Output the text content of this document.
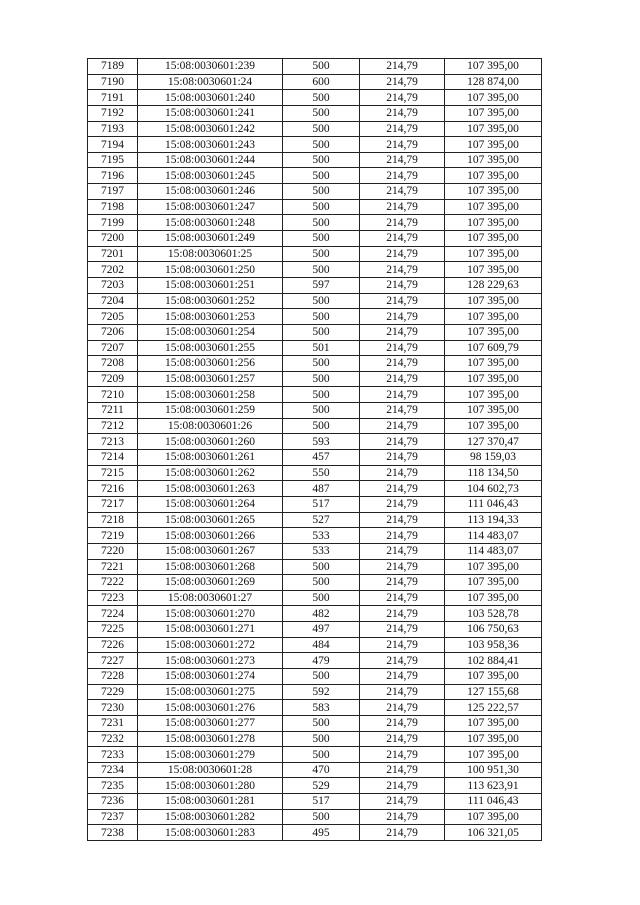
7189	15:08:0030601:239	500	214,79	107 395,00
7190	15:08:0030601:24	600	214,79	128 874,00
7191	15:08:0030601:240	500	214,79	107 395,00
7192	15:08:0030601:241	500	214,79	107 395,00
7193	15:08:0030601:242	500	214,79	107 395,00
7194	15:08:0030601:243	500	214,79	107 395,00
7195	15:08:0030601:244	500	214,79	107 395,00
7196	15:08:0030601:245	500	214,79	107 395,00
7197	15:08:0030601:246	500	214,79	107 395,00
7198	15:08:0030601:247	500	214,79	107 395,00
7199	15:08:0030601:248	500	214,79	107 395,00
7200	15:08:0030601:249	500	214,79	107 395,00
7201	15:08:0030601:25	500	214,79	107 395,00
7202	15:08:0030601:250	500	214,79	107 395,00
7203	15:08:0030601:251	597	214,79	128 229,63
7204	15:08:0030601:252	500	214,79	107 395,00
7205	15:08:0030601:253	500	214,79	107 395,00
7206	15:08:0030601:254	500	214,79	107 395,00
7207	15:08:0030601:255	501	214,79	107 609,79
7208	15:08:0030601:256	500	214,79	107 395,00
7209	15:08:0030601:257	500	214,79	107 395,00
7210	15:08:0030601:258	500	214,79	107 395,00
7211	15:08:0030601:259	500	214,79	107 395,00
7212	15:08:0030601:26	500	214,79	107 395,00
7213	15:08:0030601:260	593	214,79	127 370,47
7214	15:08:0030601:261	457	214,79	98 159,03
7215	15:08:0030601:262	550	214,79	118 134,50
7216	15:08:0030601:263	487	214,79	104 602,73
7217	15:08:0030601:264	517	214,79	111 046,43
7218	15:08:0030601:265	527	214,79	113 194,33
7219	15:08:0030601:266	533	214,79	114 483,07
7220	15:08:0030601:267	533	214,79	114 483,07
7221	15:08:0030601:268	500	214,79	107 395,00
7222	15:08:0030601:269	500	214,79	107 395,00
7223	15:08:0030601:27	500	214,79	107 395,00
7224	15:08:0030601:270	482	214,79	103 528,78
7225	15:08:0030601:271	497	214,79	106 750,63
7226	15:08:0030601:272	484	214,79	103 958,36
7227	15:08:0030601:273	479	214,79	102 884,41
7228	15:08:0030601:274	500	214,79	107 395,00
7229	15:08:0030601:275	592	214,79	127 155,68
7230	15:08:0030601:276	583	214,79	125 222,57
7231	15:08:0030601:277	500	214,79	107 395,00
7232	15:08:0030601:278	500	214,79	107 395,00
7233	15:08:0030601:279	500	214,79	107 395,00
7234	15:08:0030601:28	470	214,79	100 951,30
7235	15:08:0030601:280	529	214,79	113 623,91
7236	15:08:0030601:281	517	214,79	111 046,43
7237	15:08:0030601:282	500	214,79	107 395,00
7238	15:08:0030601:283	495	214,79	106 321,05
